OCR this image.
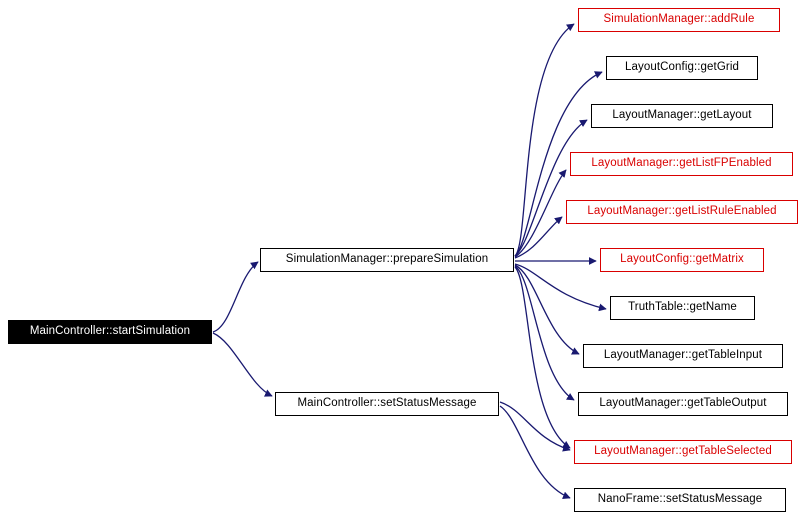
MainController::startSimulation
SimulationManager::prepareSimulation
MainController::setStatusMessage
SimulationManager::addRule
LayoutConfig::getGrid
LayoutManager::getLayout
LayoutManager::getListFPEnabled
LayoutManager::getListRuleEnabled
LayoutConfig::getMatrix
TruthTable::getName
LayoutManager::getTableInput
LayoutManager::getTableOutput
LayoutManager::getTableSelected
NanoFrame::setStatusMessage
